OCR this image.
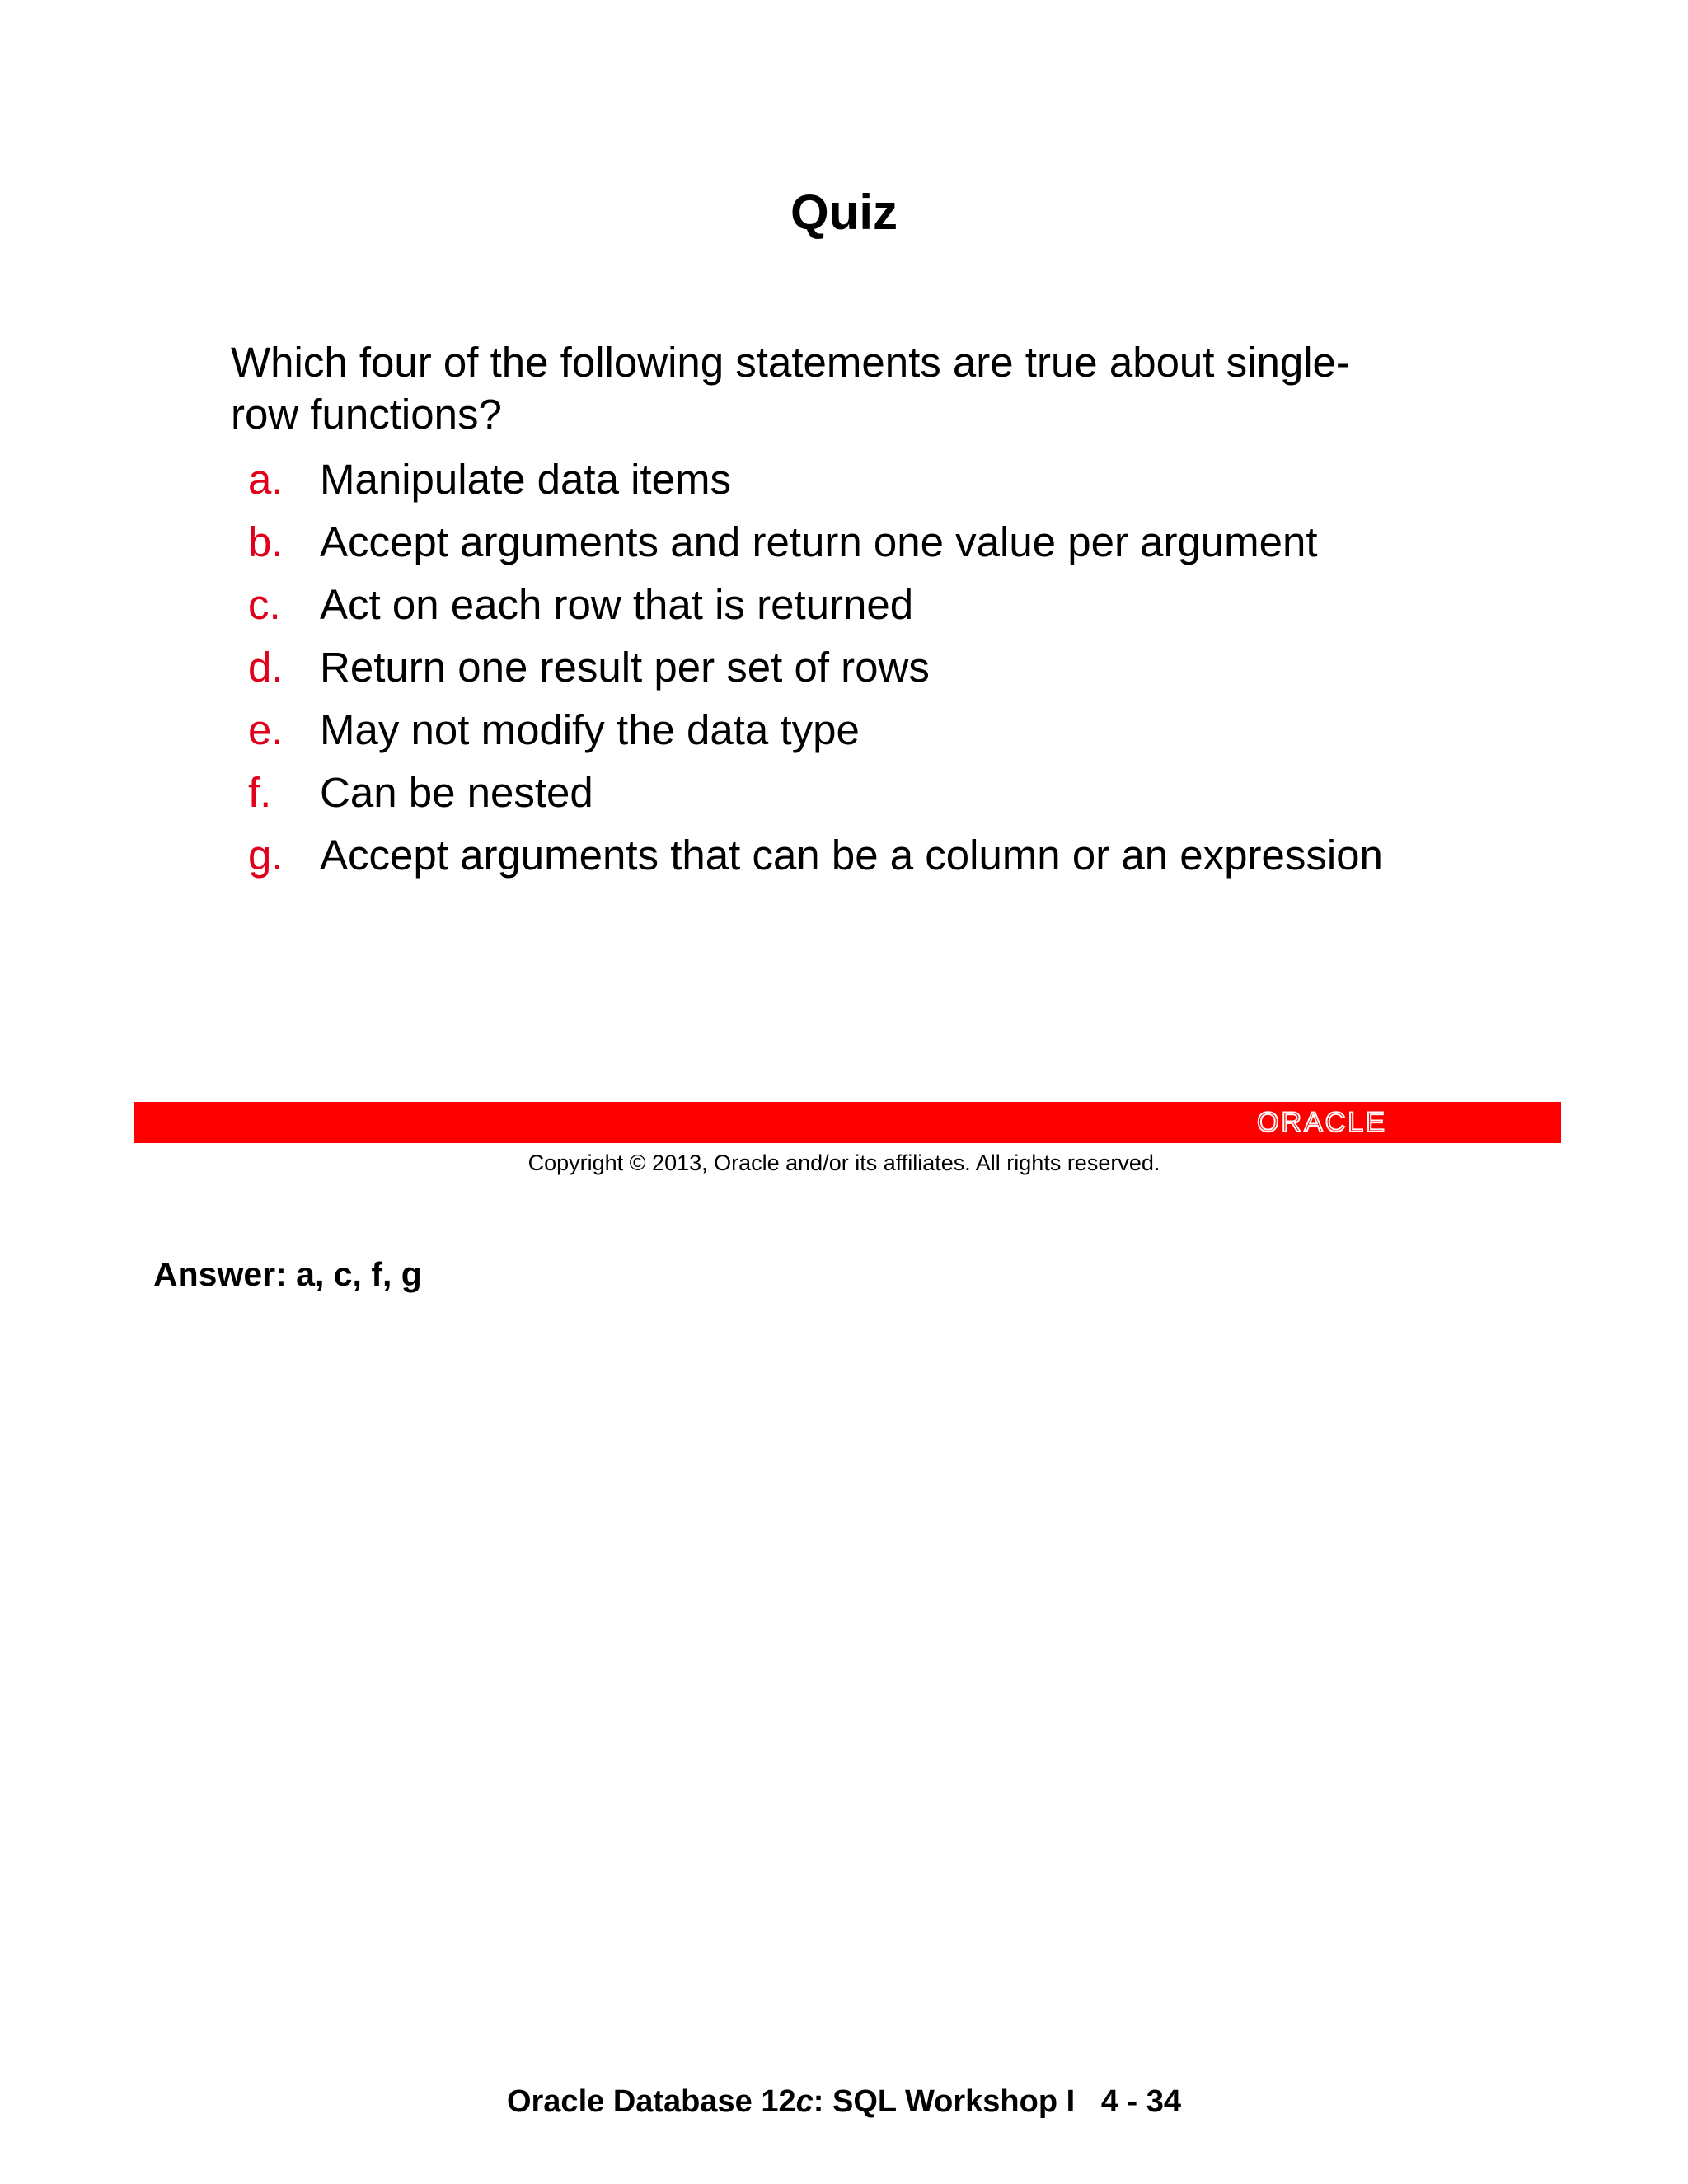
Quiz
Which four of the following statements are true about single-row functions?
a. Manipulate data items
b. Accept arguments and return one value per argument
c. Act on each row that is returned
d. Return one result per set of rows
e. May not modify the data type
f.	Can be nested
g. Accept arguments that can be a column or an expression
ORACLE
Copyright © 2013, Oracle and/or its affiliates. All rights reserved.
Answer: a, c, f, g
Oracle Database 12c: SQL Workshop I 4 - 34
